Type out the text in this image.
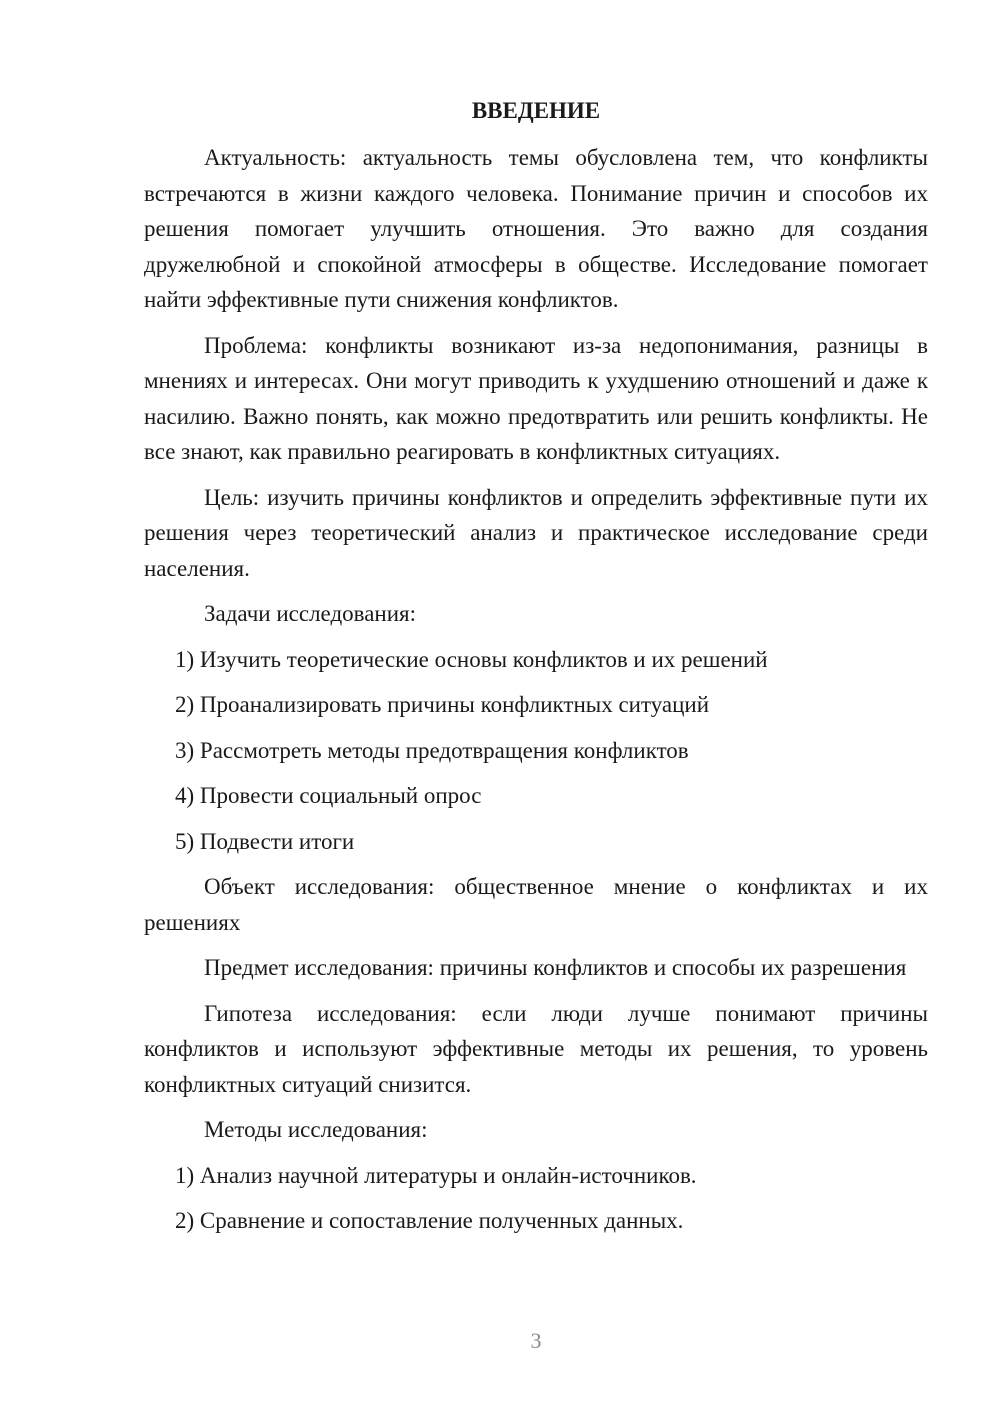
ВВЕДЕНИЕ

Актуальность: актуальность темы обусловлена тем, что конфликты встречаются в жизни каждого человека. Понимание причин и способов их решения помогает улучшить отношения. Это важно для создания дружелюбной и спокойной атмосферы в обществе. Исследование помогает найти эффективные пути снижения конфликтов.

Проблема: конфликты возникают из-за недопонимания, разницы в мнениях и интересах. Они могут приводить к ухудшению отношений и даже к насилию. Важно понять, как можно предотвратить или решить конфликты. Не все знают, как правильно реагировать в конфликтных ситуациях.

Цель: изучить причины конфликтов и определить эффективные пути их решения через теоретический анализ и практическое исследование среди населения.

Задачи исследования:
1) Изучить теоретические основы конфликтов и их решений
2) Проанализировать причины конфликтных ситуаций
3) Рассмотреть методы предотвращения конфликтов
4) Провести социальный опрос
5) Подвести итоги

Объект исследования: общественное мнение о конфликтах и их решениях

Предмет исследования: причины конфликтов и способы их разрешения

Гипотеза исследования: если люди лучше понимают причины конфликтов и используют эффективные методы их решения, то уровень конфликтных ситуаций снизится.

Методы исследования:
1) Анализ научной литературы и онлайн-источников.
2) Сравнение и сопоставление полученных данных.
3
